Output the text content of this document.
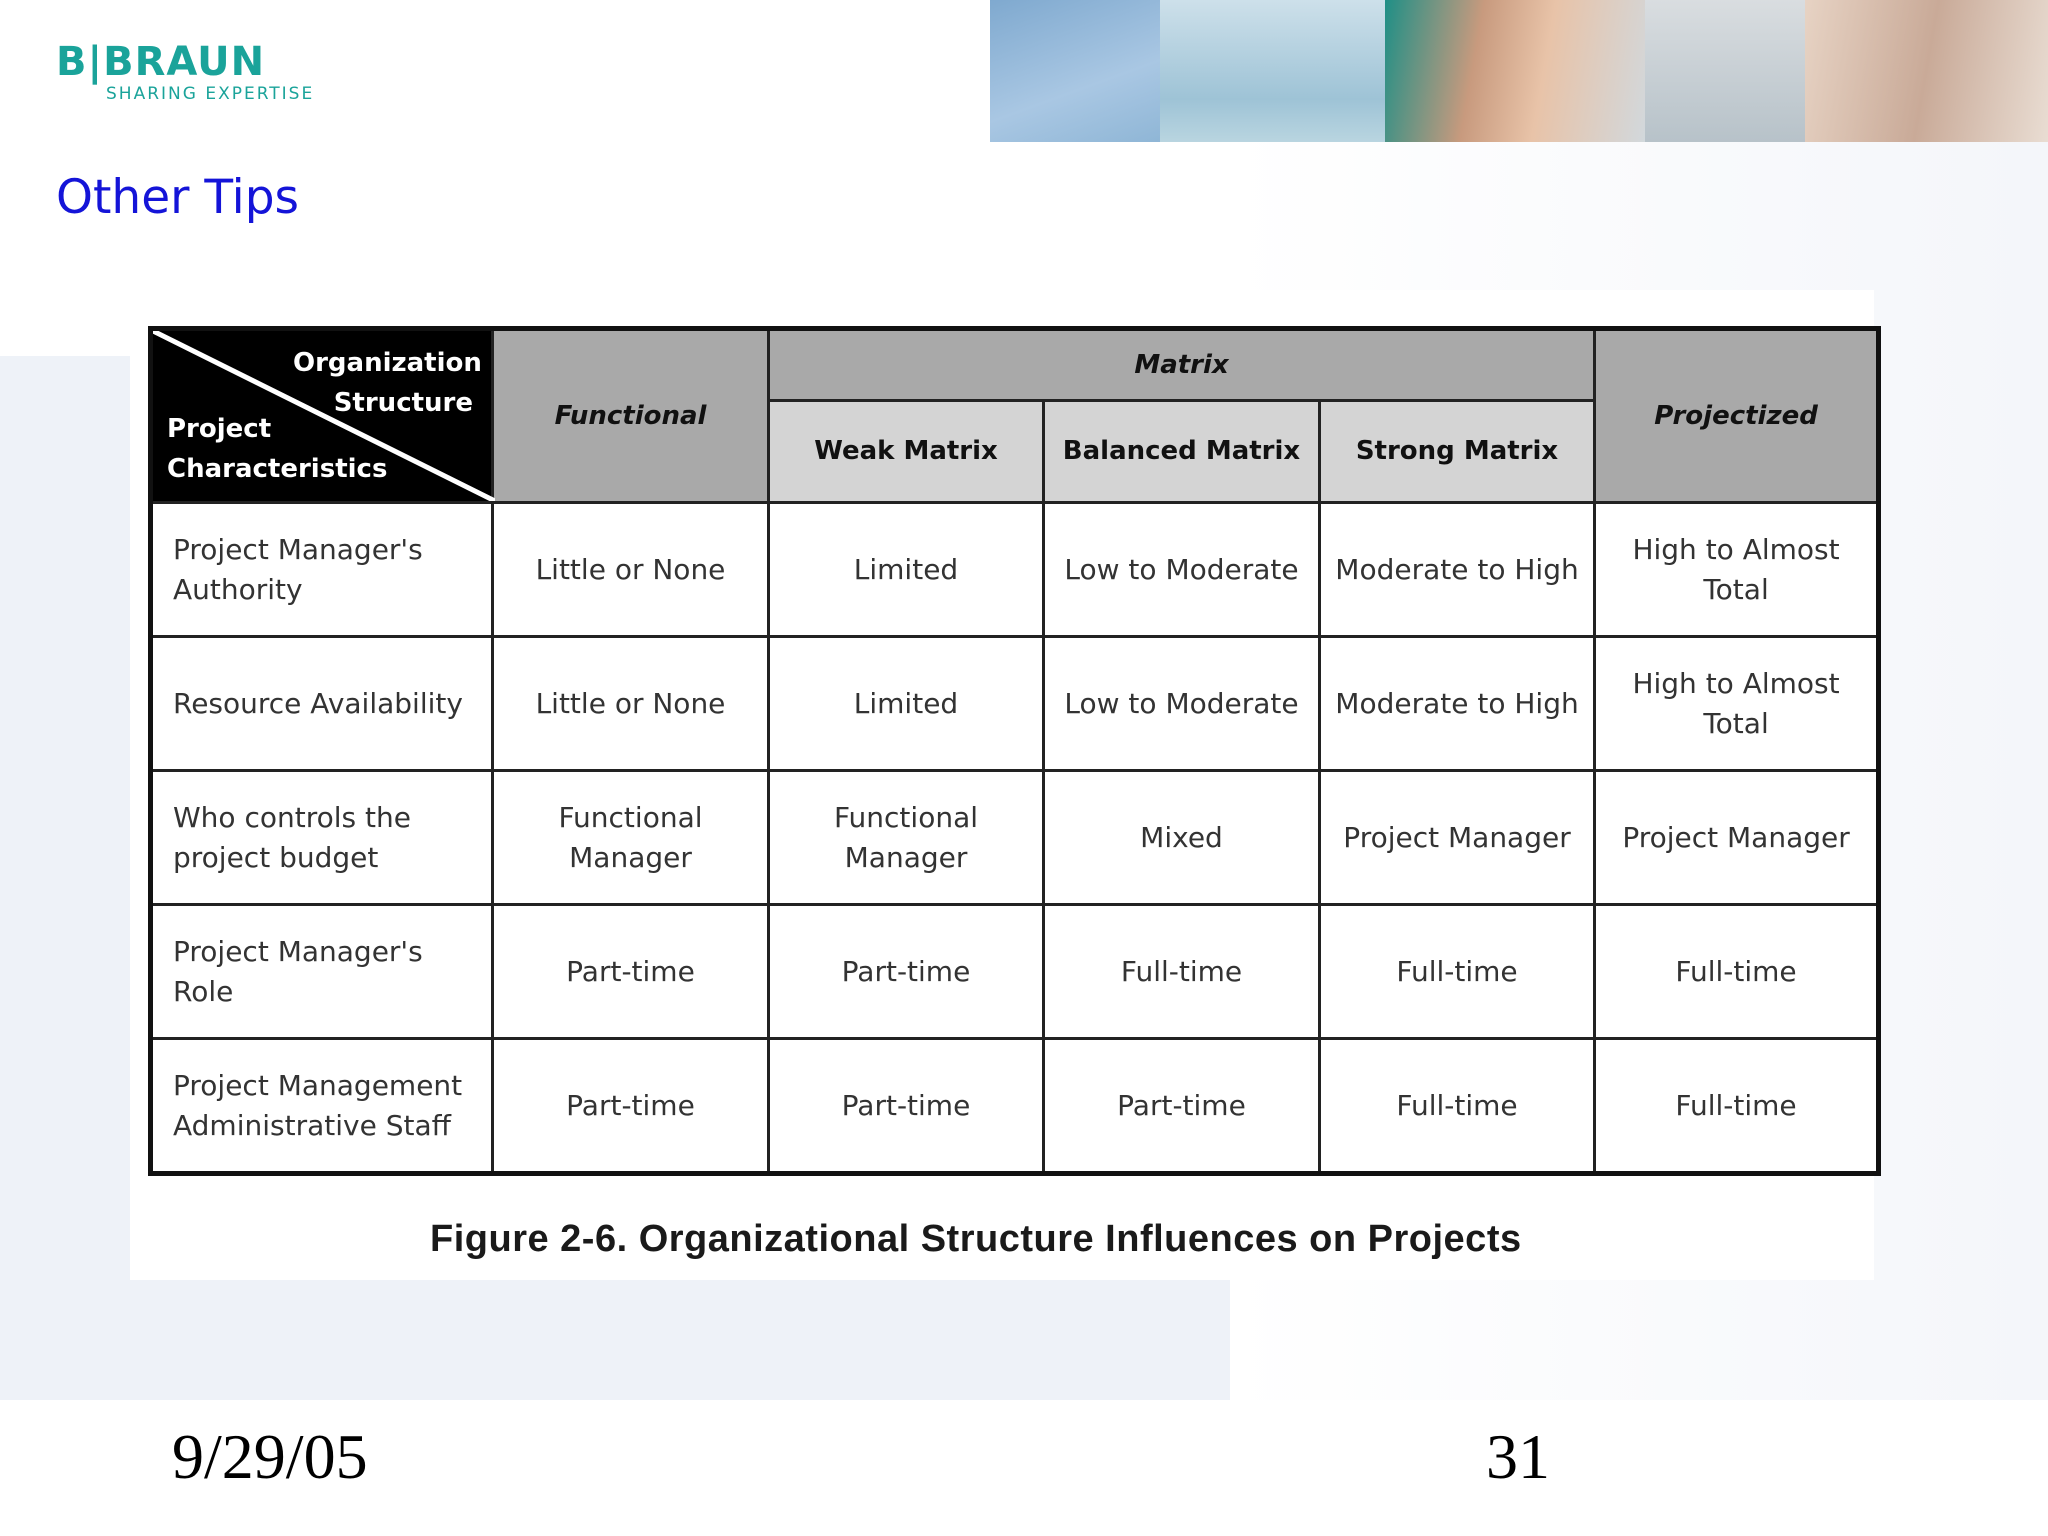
B|BRAUN
SHARING EXPERTISE
Other Tips
Organization Structure
Project Characteristics	Functional	Matrix			Projectized
		Weak Matrix	Balanced Matrix	Strong Matrix	
Project Manager's Authority	Little or None	Limited	Low to Moderate	Moderate to High	High to Almost Total
Resource Availability	Little or None	Limited	Low to Moderate	Moderate to High	High to Almost Total
Who controls the project budget	Functional Manager	Functional Manager	Mixed	Project Manager	Project Manager
Project Manager's Role	Part-time	Part-time	Full-time	Full-time	Full-time
Project Management Administrative Staff	Part-time	Part-time	Part-time	Full-time	Full-time
Figure 2-6. Organizational Structure Influences on Projects
9/29/05	31
